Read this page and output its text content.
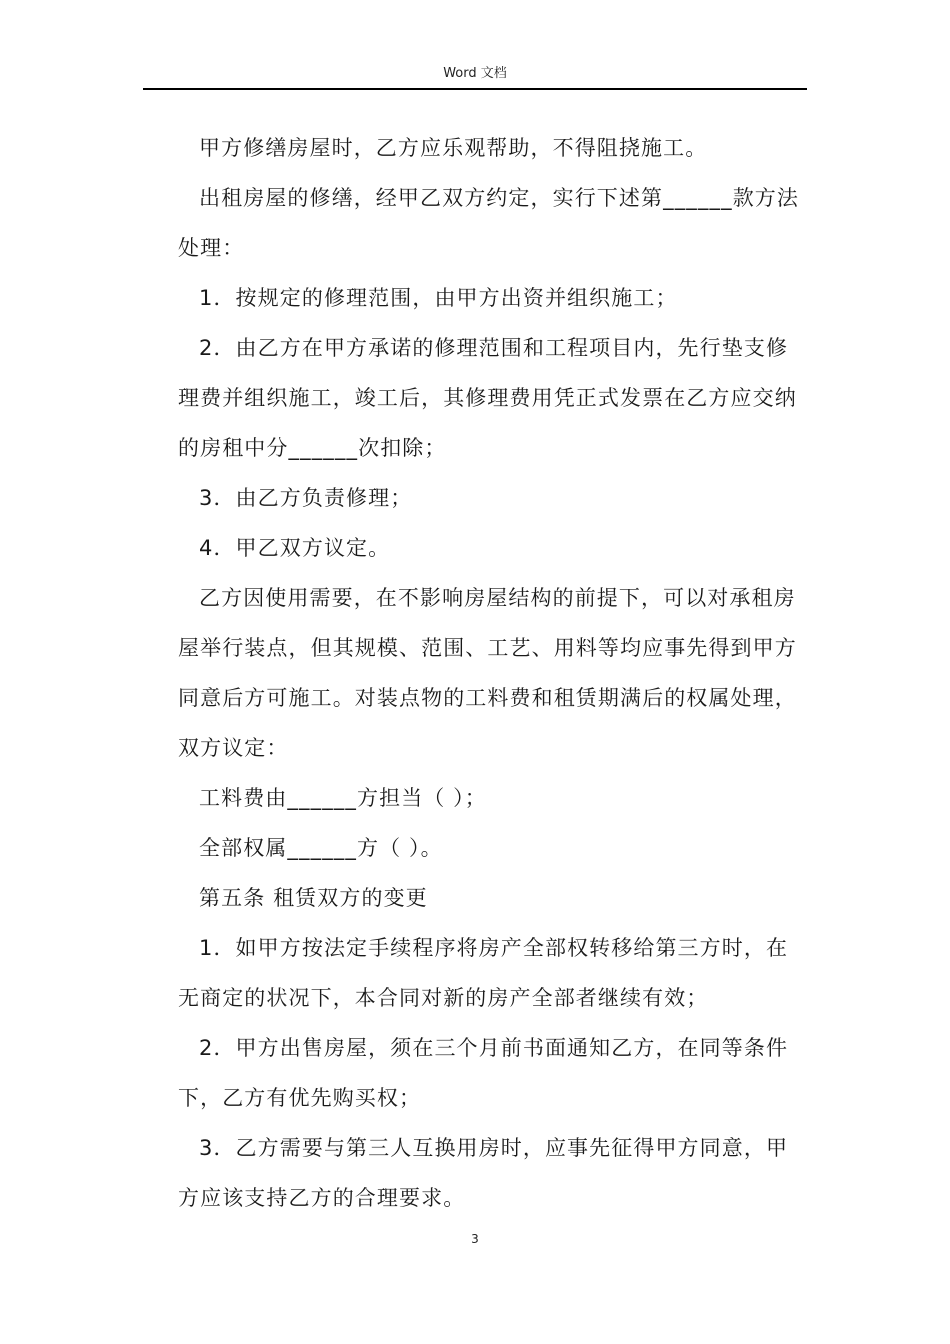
Word 文档

甲方修缮房屋时，乙方应乐观帮助，不得阻挠施工。

出租房屋的修缮，经甲乙双方约定，实行下述第______款方法处理：

1．按规定的修理范围，由甲方出资并组织施工；

2．由乙方在甲方承诺的修理范围和工程项目内，先行垫支修理费并组织施工，竣工后，其修理费用凭正式发票在乙方应交纳的房租中分______次扣除；

3．由乙方负责修理；

4．甲乙双方议定。

乙方因使用需要，在不影响房屋结构的前提下，可以对承租房屋举行装点，但其规模、范围、工艺、用料等均应事先得到甲方同意后方可施工。对装点物的工料费和租赁期满后的权属处理，双方议定：

工料费由______方担当（ ）；

全部权属______方（ ）。

第五条 租赁双方的变更

1．如甲方按法定手续程序将房产全部权转移给第三方时，在无商定的状况下，本合同对新的房产全部者继续有效；

2．甲方出售房屋，须在三个月前书面通知乙方，在同等条件下，乙方有优先购买权；

3．乙方需要与第三人互换用房时，应事先征得甲方同意，甲方应该支持乙方的合理要求。

3
